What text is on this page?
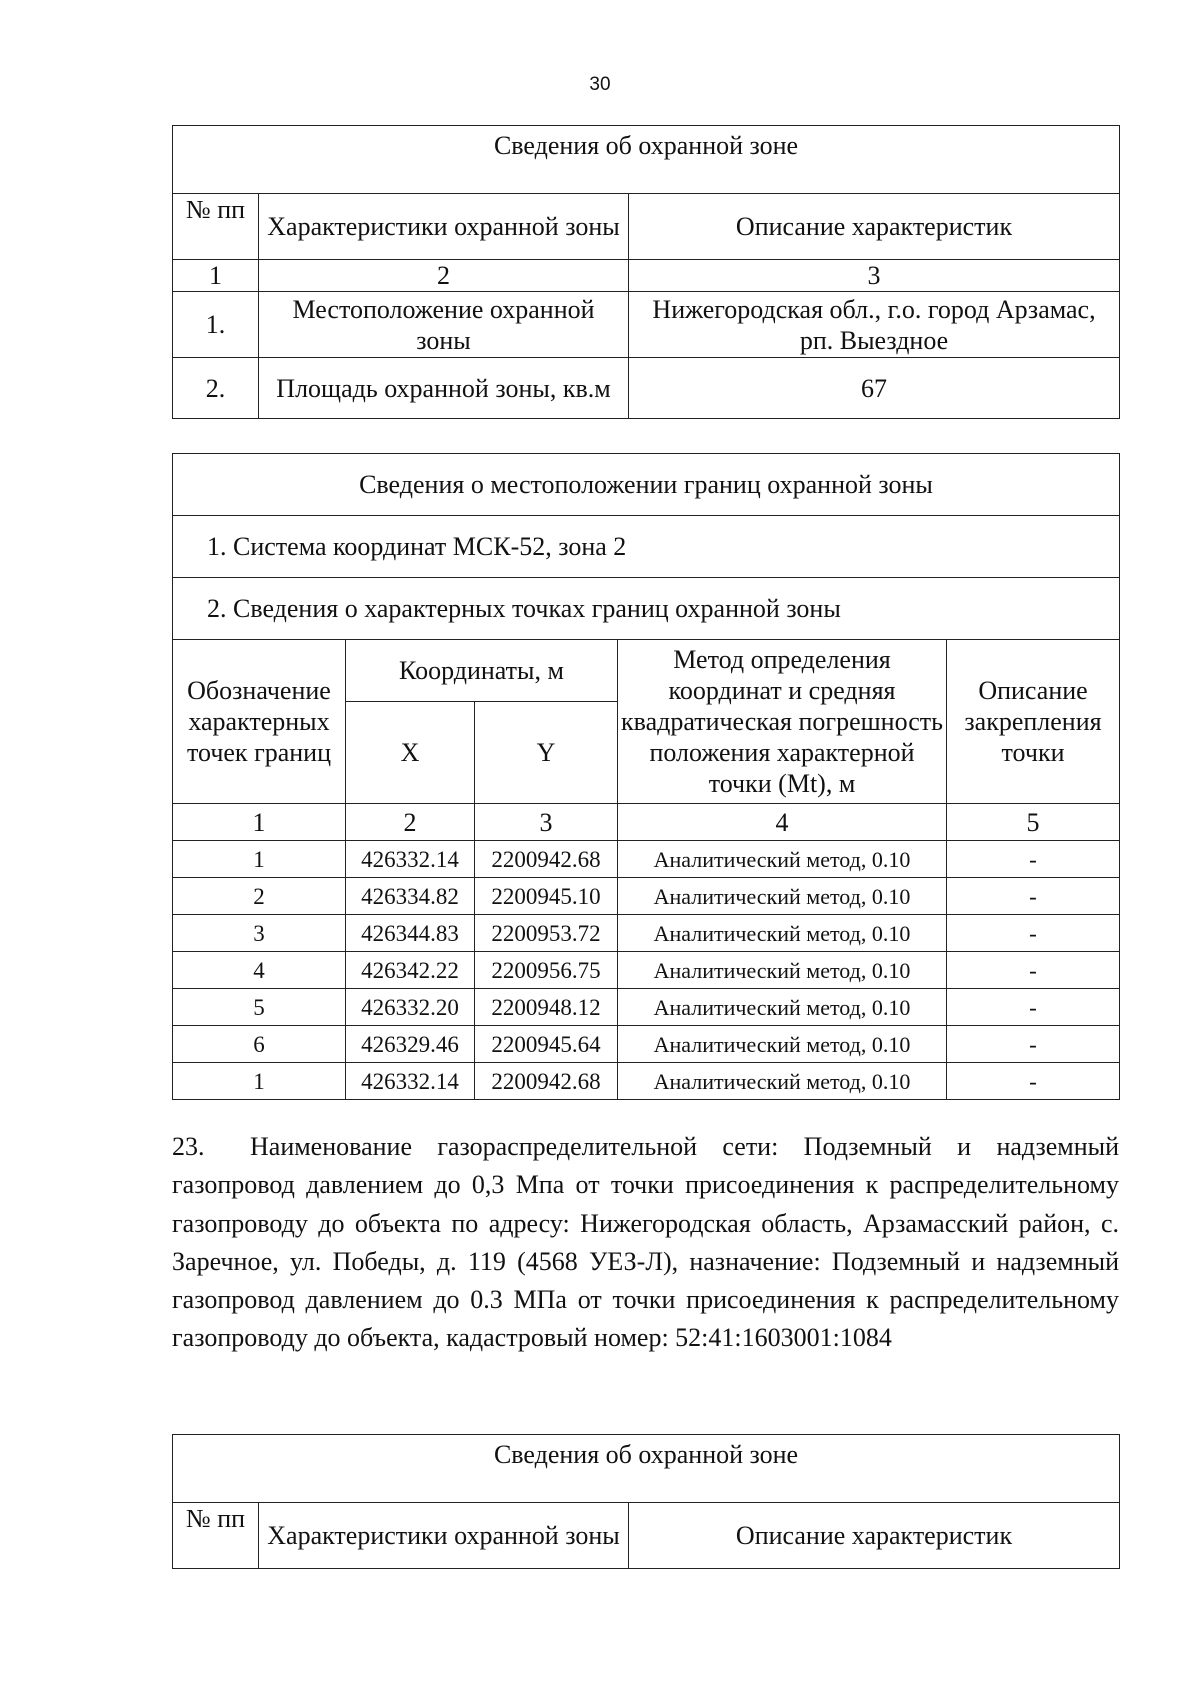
30
Сведения об охранной зоне		
№ пп	Характеристики охранной зоны	Описание характеристик
1	2	3
1.	Местоположение охранной зоны	Нижегородская обл., г.о. город Арзамас, рп. Выездное
2.	Площадь охранной зоны, кв.м	67
Сведения о местоположении границ охранной зоны				
1. Система координат МСК-52, зона 2				
2. Сведения о характерных точках границ охранной зоны				
Обозначение характерных точек границ	Координаты, м		Метод определения координат и средняя квадратическая погрешность положения характерной точки (Mt), м	Описание закрепления точки
	X	Y		
1	2	3	4	5
1	426332.14	2200942.68	Аналитический метод, 0.10	-
2	426334.82	2200945.10	Аналитический метод, 0.10	-
3	426344.83	2200953.72	Аналитический метод, 0.10	-
4	426342.22	2200956.75	Аналитический метод, 0.10	-
5	426332.20	2200948.12	Аналитический метод, 0.10	-
6	426329.46	2200945.64	Аналитический метод, 0.10	-
1	426332.14	2200942.68	Аналитический метод, 0.10	-
23. Наименование газораспределительной сети: Подземный и надземный газопровод давлением до 0,3 Мпа от точки присоединения к распределительному газопроводу до объекта по адресу: Нижегородская область, Арзамасский район, с. Заречное, ул. Победы, д. 119 (4568 УЕЗ-Л), назначение: Подземный и надземный газопровод давлением до 0.3 МПа от точки присоединения к распределительному газопроводу до объекта, кадастровый номер: 52:41:1603001:1084
Сведения об охранной зоне
№ пп	Характеристики охранной зоны	Описание характеристик
